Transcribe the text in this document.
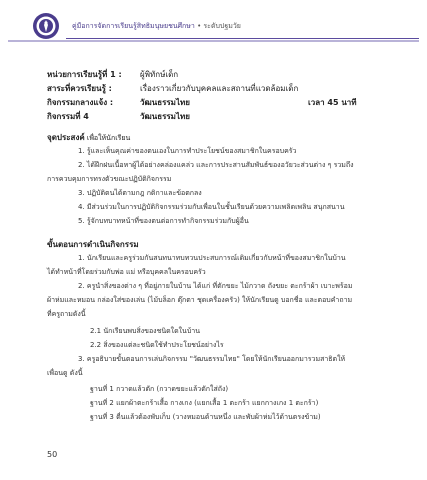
คู่มือการจัดการเรียนรู้สิทธิมนุษยชนศึกษา • ระดับปฐมวัย
หน่วยการเรียนรู้ที่ 1 : ผู้พิทักษ์เด็ก
สาระที่ควรเรียนรู้ :	เรื่องราวเกี่ยวกับบุคคลและสถานที่แวดล้อมเด็ก
กิจกรรมกลางแจ้ง :	วัฒนธรรมไทย	เวลา 45 นาที
กิจกรรมที่ 4	วัฒนธรรมไทย
จุดประสงค์ เพื่อให้นักเรียน
1. รู้และเห็นคุณค่าของตนเองในการทำประโยชน์ของสมาชิกในครอบครัว
2. ได้ฝึกฝนเนื้อหาผู้ได้อย่างคล่องแคล่ว และการประสานสัมพันธ์ของอวัยวะส่วนต่าง ๆ รวมถึง
การควบคุมการทรงตัวขณะปฏิบัติกิจกรรม
3. ปฏิบัติตนได้ตามกฎ กติกาและข้อตกลง
4. มีส่วนร่วมในการปฏิบัติกิจกรรมร่วมกับเพื่อนในชั้นเรียนด้วยความเพลิดเพลิน สนุกสนาน
5. รู้จักบทบาทหน้าที่ของตนต่อการทำกิจกรรมร่วมกับผู้อื่น
ขั้นตอนการดำเนินกิจกรรม
1. นักเรียนและครูร่วมกันสนทนาทบทวนประสบการณ์เดิมเกี่ยวกับหน้าที่ของสมาชิกในบ้าน
ได้ทำหน้าที่โดยร่วมกับพ่อ แม่ หรือบุคคลในครอบครัว
2. ครูนำสิ่งของต่าง ๆ ที่อยู่ภายในบ้าน ได้แก่ ที่ตักขยะ ไม้กวาด ถังขยะ ตะกร้าผ้า เบาะพร้อม
ผ้าห่มและหมอน กล่องใส่ของเล่น (ไม้บล็อก ตุ๊กตา ชุดเครื่องครัว) ให้นักเรียนดู บอกชื่อ และตอบคำถาม
ที่ครูถามดังนี้
2.1 นักเรียนพบสิ่งของชนิดใดในบ้าน
2.2 สิ่งของแต่ละชนิดใช้ทำประโยชน์อย่างไร
3. ครูอธิบายขั้นตอนการเล่นกิจกรรม "วัฒนธรรมไทย" โดยให้นักเรียนออกมารวมสาธิตให้
เพื่อนดู ดังนี้
ฐานที่ 1 กวาดแล้วตัก (กวาดขยะแล้วตักใส่ถัง)
ฐานที่ 2 แยกผ้าตะกร้าเสื้อ กางเกง (แยกเสื้อ 1 ตะกร้า แยกกางเกง 1 ตะกร้า)
ฐานที่ 3 ตื่นแล้วต้องพับเก็บ (วางหมอนด้านหนึ่ง และพับผ้าห่มไว้ด้านตรงข้าม)
50
